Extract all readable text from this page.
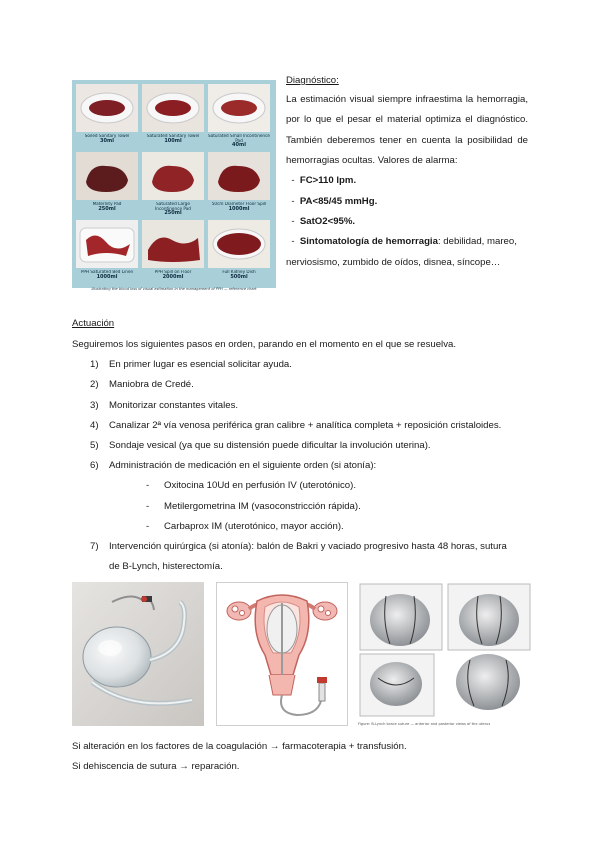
Soiled Sanitary Towel
30ml
Saturated Sanitary Towel
100ml
Saturated Small Incontinence Pad
40ml
Maternity Pad
250ml
Saturated Large Incontinence Pad
250ml
50cm Diameter Floor Spill
1000ml
PPH Saturated Bed Linen
1000ml
PPH Spill on Floor
2000ml
Full Kidney Dish
500ml
Illustrating the blood loss of visual estimation in the management of PPH — reference chart
Diagnóstico:

La estimación visual siempre infraestima la hemorragia, por lo que el pesar el material optimiza el diagnóstico. También deberemos tener en cuenta la posibilidad de hemorragias ocultas. Valores de alarma:

-  FC>110 lpm.
-  PA<85/45 mmHg.
-  SatO2<95%.
-  Sintomatología de hemorragia: debilidad, mareo,
nerviosismo, zumbido de oídos, disnea, síncope…
Actuación
Seguiremos los siguientes pasos en orden, parando en el momento en el que se resuelva.
1) En primer lugar es esencial solicitar ayuda.
2) Maniobra de Credé.
3) Monitorizar constantes vitales.
4) Canalizar 2ª vía venosa periférica gran calibre + analítica completa + reposición cristaloides.
5) Sondaje vesical (ya que su distensión puede dificultar la involución uterina).
6) Administración de medicación en el siguiente orden (si atonía):
- Oxitocina 10Ud en perfusión IV (uterotónico).
- Metilergometrina IM (vasoconstricción rápida).
- Carbaprox IM (uterotónico, mayor acción).
7) Intervención quirúrgica (si atonía): balón de Bakri y vaciado progresivo hasta 48 horas, sutura
de B-Lynch, histerectomía.
Figure: B-Lynch brace suture — anterior and posterior views of the uterus
Si alteración en los factores de la coagulación → farmacoterapia + transfusión.
Si dehiscencia de sutura → reparación.
